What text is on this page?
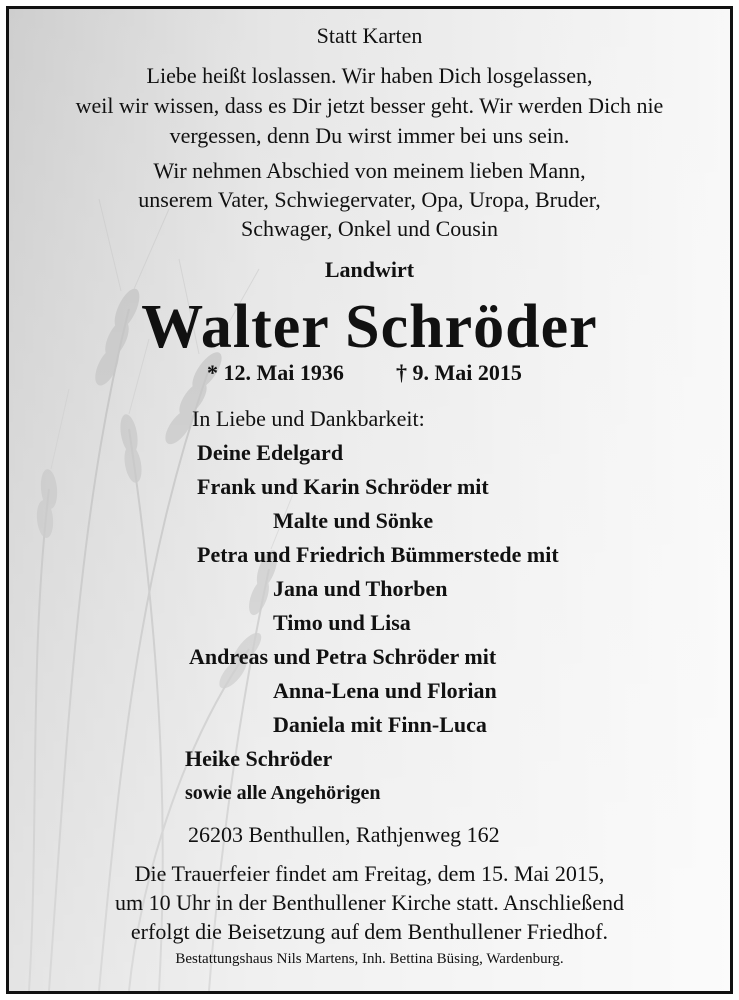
Statt Karten

Liebe heißt loslassen. Wir haben Dich losgelassen,

weil wir wissen, dass es Dir jetzt besser geht. Wir werden Dich nie

vergessen, denn Du wirst immer bei uns sein.

Wir nehmen Abschied von meinem lieben Mann,

unserem Vater, Schwiegervater, Opa, Uropa, Bruder,

Schwager, Onkel und Cousin

Landwirt

Walter Schröder

* 12. Mai 1936 † 9. Mai 2015

In Liebe und Dankbarkeit:

Deine Edelgard

Frank und Karin Schröder mit

Malte und Sönke

Petra und Friedrich Bümmerstede mit

Jana und Thorben

Timo und Lisa

Andreas und Petra Schröder mit

Anna-Lena und Florian

Daniela mit Finn-Luca

Heike Schröder

sowie alle Angehörigen

26203 Benthullen, Rathjenweg 162

Die Trauerfeier findet am Freitag, dem 15. Mai 2015,

um 10 Uhr in der Benthullener Kirche statt. Anschließend

erfolgt die Beisetzung auf dem Benthullener Friedhof.

Bestattungshaus Nils Martens, Inh. Bettina Büsing, Wardenburg.
